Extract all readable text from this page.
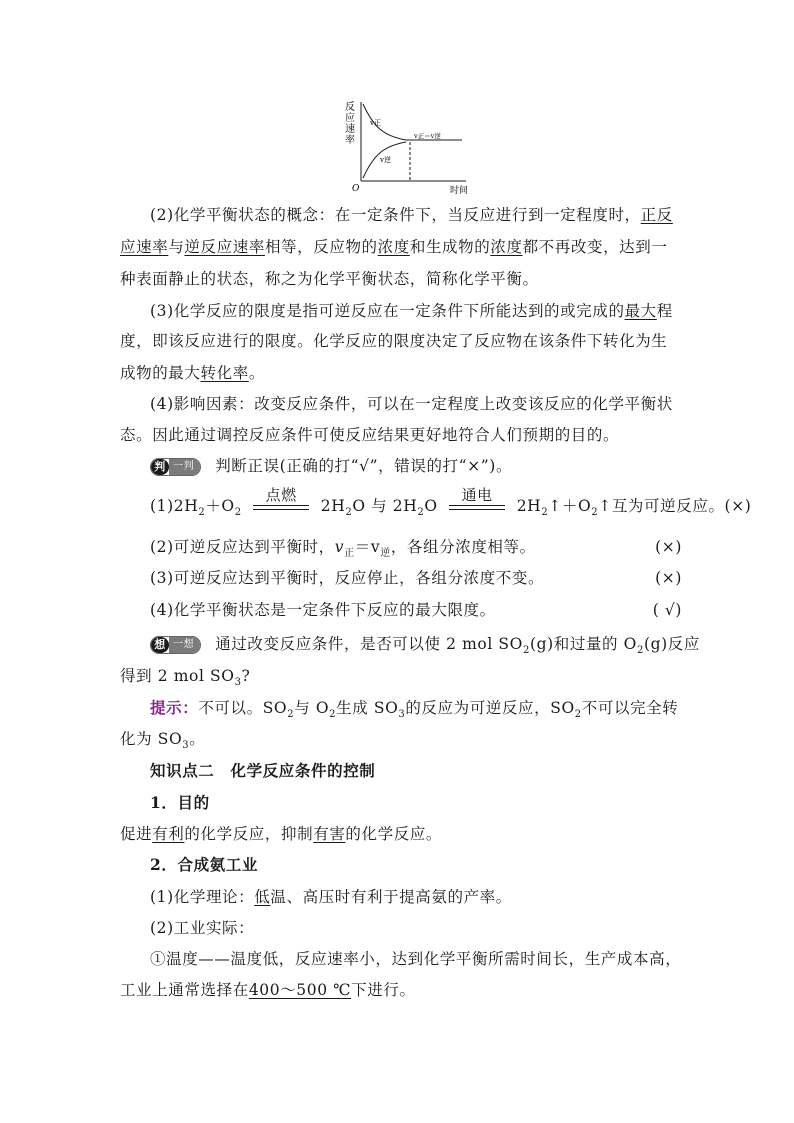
反
应
速
率
O	时间
v正
v逆
v正＝v逆
(2)化学平衡状态的概念：在一定条件下，当反应进行到一定程度时，正反
应速率与逆反应速率相等，反应物的浓度和生成物的浓度都不再改变，达到一
种表面静止的状态，称之为化学平衡状态，简称化学平衡。
(3)化学反应的限度是指可逆反应在一定条件下所能达到的或完成的最大程
度，即该反应进行的限度。化学反应的限度决定了反应物在该条件下转化为生
成物的最大转化率。
(4)影响因素：改变反应条件，可以在一定程度上改变该反应的化学平衡状
态。因此通过调控反应条件可使反应结果更好地符合人们预期的目的。
判 一判	判断正误(正确的打“√”，错误的打“×”)。
$(1)2H_2+O_2$
点燃
$2H_2O$ 与 $2H_2O$
通电
$2H_2↑+O_2↑$互为可逆反应。(×)
(2)可逆反应达到平衡时，$v_正=v_逆$，各组分浓度相等。	(×)
(3)可逆反应达到平衡时，反应停止，各组分浓度不变。	(×)
(4)化学平衡状态是一定条件下反应的最大限度。	( √)
想 一想	通过改变反应条件，是否可以使 2 mol $SO_2(g)$和过量的 $O_2(g)$反应
得到 2 mol $SO_3$?
提示：不可以。$SO_2$与 $O_2$生成 $SO_3$的反应为可逆反应，$SO_2$不可以完全转
化为 $SO_3$。
知识点二　化学反应条件的控制
1．目的
促进有利的化学反应，抑制有害的化学反应。
2．合成氨工业
(1)化学理论：低温、高压时有利于提高氨的产率。
(2)工业实际：
①温度——温度低，反应速率小，达到化学平衡所需时间长，生产成本高，
工业上通常选择在400～500 ℃下进行。
